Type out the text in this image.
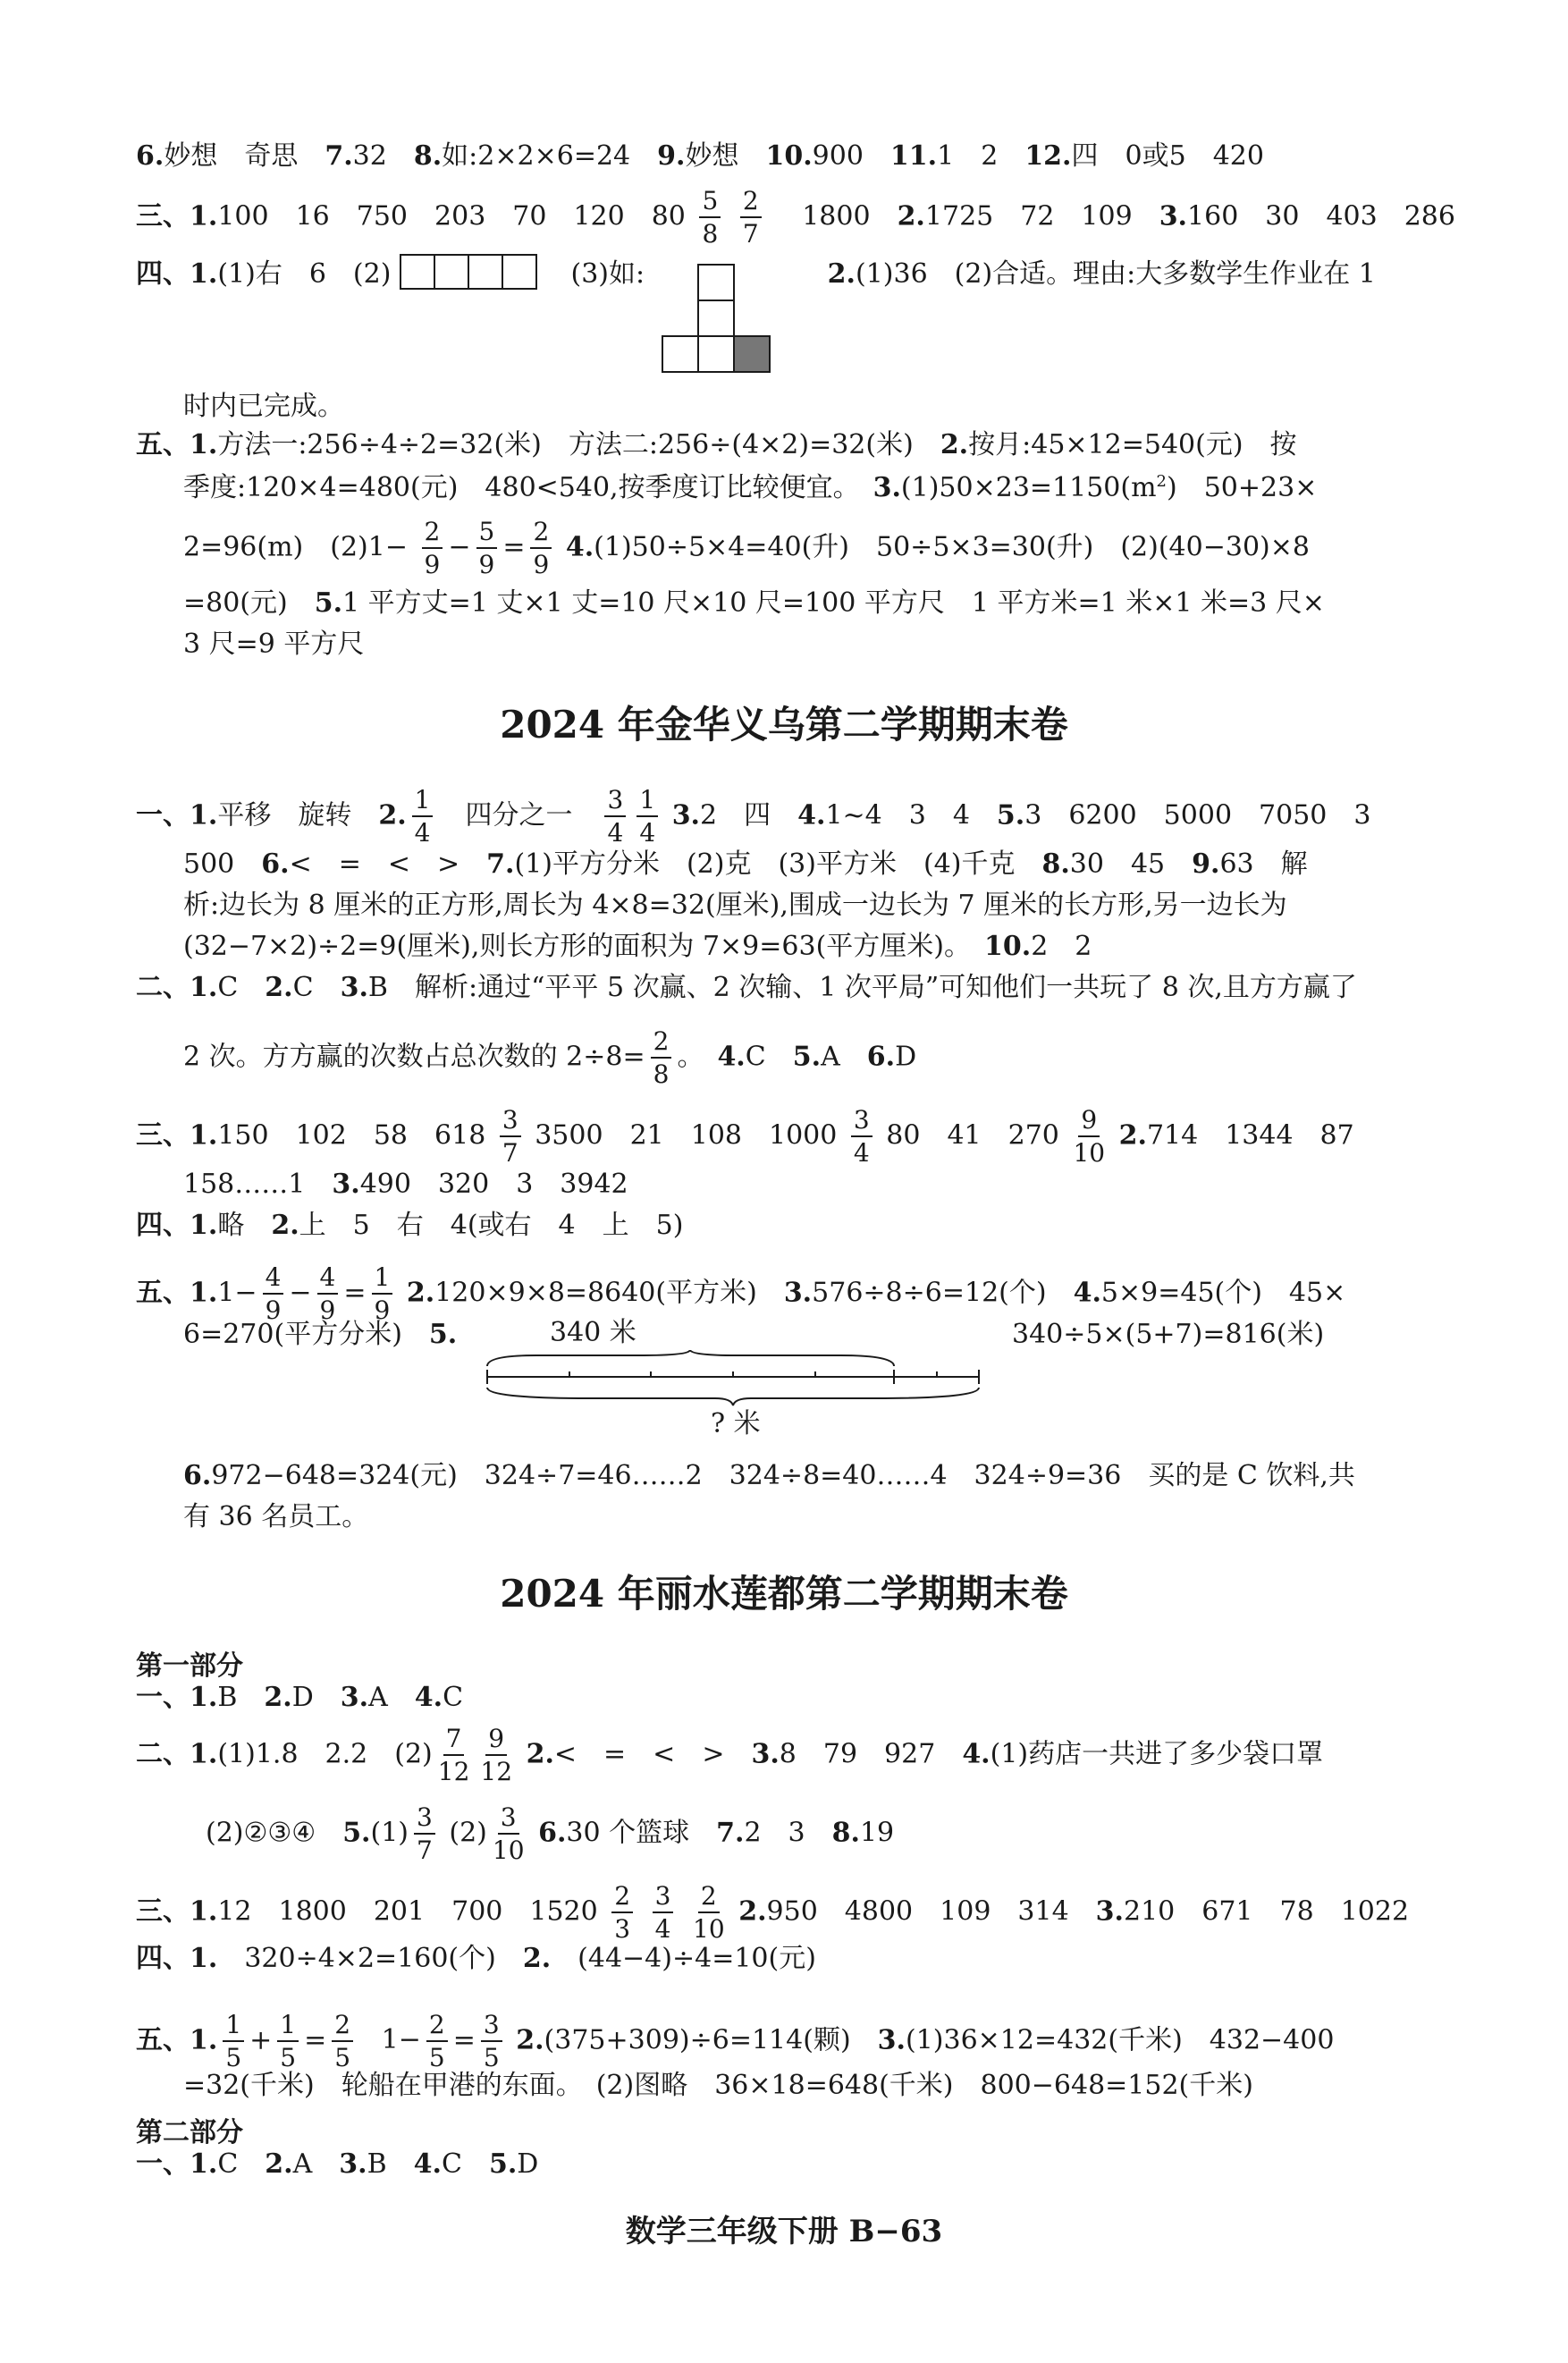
6.妙想　奇思　7.32　8.如:2×2×6=24　9.妙想　10.900　11.1　2　12.四　0或5　420
三、1.100　16　750　203　70　120　$80 \frac{5}{8}$
$\frac{2}{7}$ 　1800　2.1725　72　109　3.160　30　403　286
四、1.(1)右　6　(2)	(3)如:	2.(1)36　(2)合适。理由:大多数学生作业在 1
时内已完成。
五、1.方法一:256÷4÷2=32(米)　方法二:256÷(4×2)=32(米)　2.按月:45×12=540(元)　按
季度:120×4=480(元)　480<540,按季度订比较便宜。　$3.(1)50\times 23=1150(m^2)$　50+23×
2=96(m)　$(2)1- \frac{2}{9} - \frac{5}{9} = \frac{2}{9} 4.(1)50\div 5\times 4=40$(升)　50÷5×3=30(升)　(2)(40−30)×8
=80(元)　5.1 平方丈=1 丈×1 丈=10 尺×10 尺=100 平方尺　1 平方米=1 米×1 米=3 尺×
3 尺=9 平方尺
2024 年金华义乌第二学期期末卷
一、1.平移　旋转　2. $\frac{1}{4}$ 　四分之一　 $\frac{3}{4} \frac{1}{4} 3.2$　四　4.1~4　3　4　5.3　6200　5000　7050　3
500　6.<　=　<　>　7.(1)平方分米　(2)克　(3)平方米　(4)千克　8.30　45　9.63　解
析:边长为 8 厘米的正方形,周长为 4×8=32(厘米),围成一边长为 7 厘米的长方形,另一边长为
(32−7×2)÷2=9(厘米),则长方形的面积为 7×9=63(平方厘米)。　10.2　2
二、1.C　2.C　3.B　解析:通过“平平 5 次赢、2 次输、1 次平局”可知他们一共玩了 8 次,且方方赢了
2 次。方方赢的次数占总次数的 $2\div 8= \frac{2}{8}$ 。　4.C　5.A　6.D
三、1.150　102　58　$618 \frac{3}{7} 3500$　21　108　$1000 \frac{3}{4} 80$　41　$270 \frac{9}{10} 2.714$　1344　87
158……1　3.490　320　3　3942
四、1.略　2.上　5　右　4(或右　4　上　5)
五、$1.1- \frac{4}{9} - \frac{4}{9} = \frac{1}{9} 2.120\times 9\times 8=8640$(平方米)　3.576÷8÷6=12(个)　4.5×9=45(个)　45×
6=270(平方分米)　5.	340 米	340÷5×(5+7)=816(米)
? 米
6.972−648=324(元)　324÷7=46……2　324÷8=40……4　324÷9=36　买的是 C 饮料,共
有 36 名员工。
2024 年丽水莲都第二学期期末卷
第一部分
一、1.B　2.D　3.A　4.C
二、1.(1)1.8　2.2　$(2) \frac{7}{12} \frac{9}{12} 2.<$　=　<　>　3.8　79　927　4.(1)药店一共进了多少袋口罩
(2)②③④　$5.(1) \frac{3}{7} (2) \frac{3}{10} 6.30$ 个篮球　7.2　3　8.19
三、1.12　1800　201　700　$1520 \frac{2}{3}$
$\frac{3}{4}$
$\frac{2}{10} 2.950$　4800　109　314　3.210　671　78　1022
四、1.　320÷4×2=160(个)　2.　(44−4)÷4=10(元)
五、1. $\frac{1}{5} + \frac{1}{5} = \frac{2}{5} 1- \frac{2}{5} = \frac{3}{5} 2.(375+309)\div 6=114$(颗)　3.(1)36×12=432(千米)　432−400
=32(千米)　轮船在甲港的东面。　(2)图略　36×18=648(千米)　800−648=152(千米)
第二部分
一、1.C　2.A　3.B　4.C　5.D
数学三年级下册 B−63
